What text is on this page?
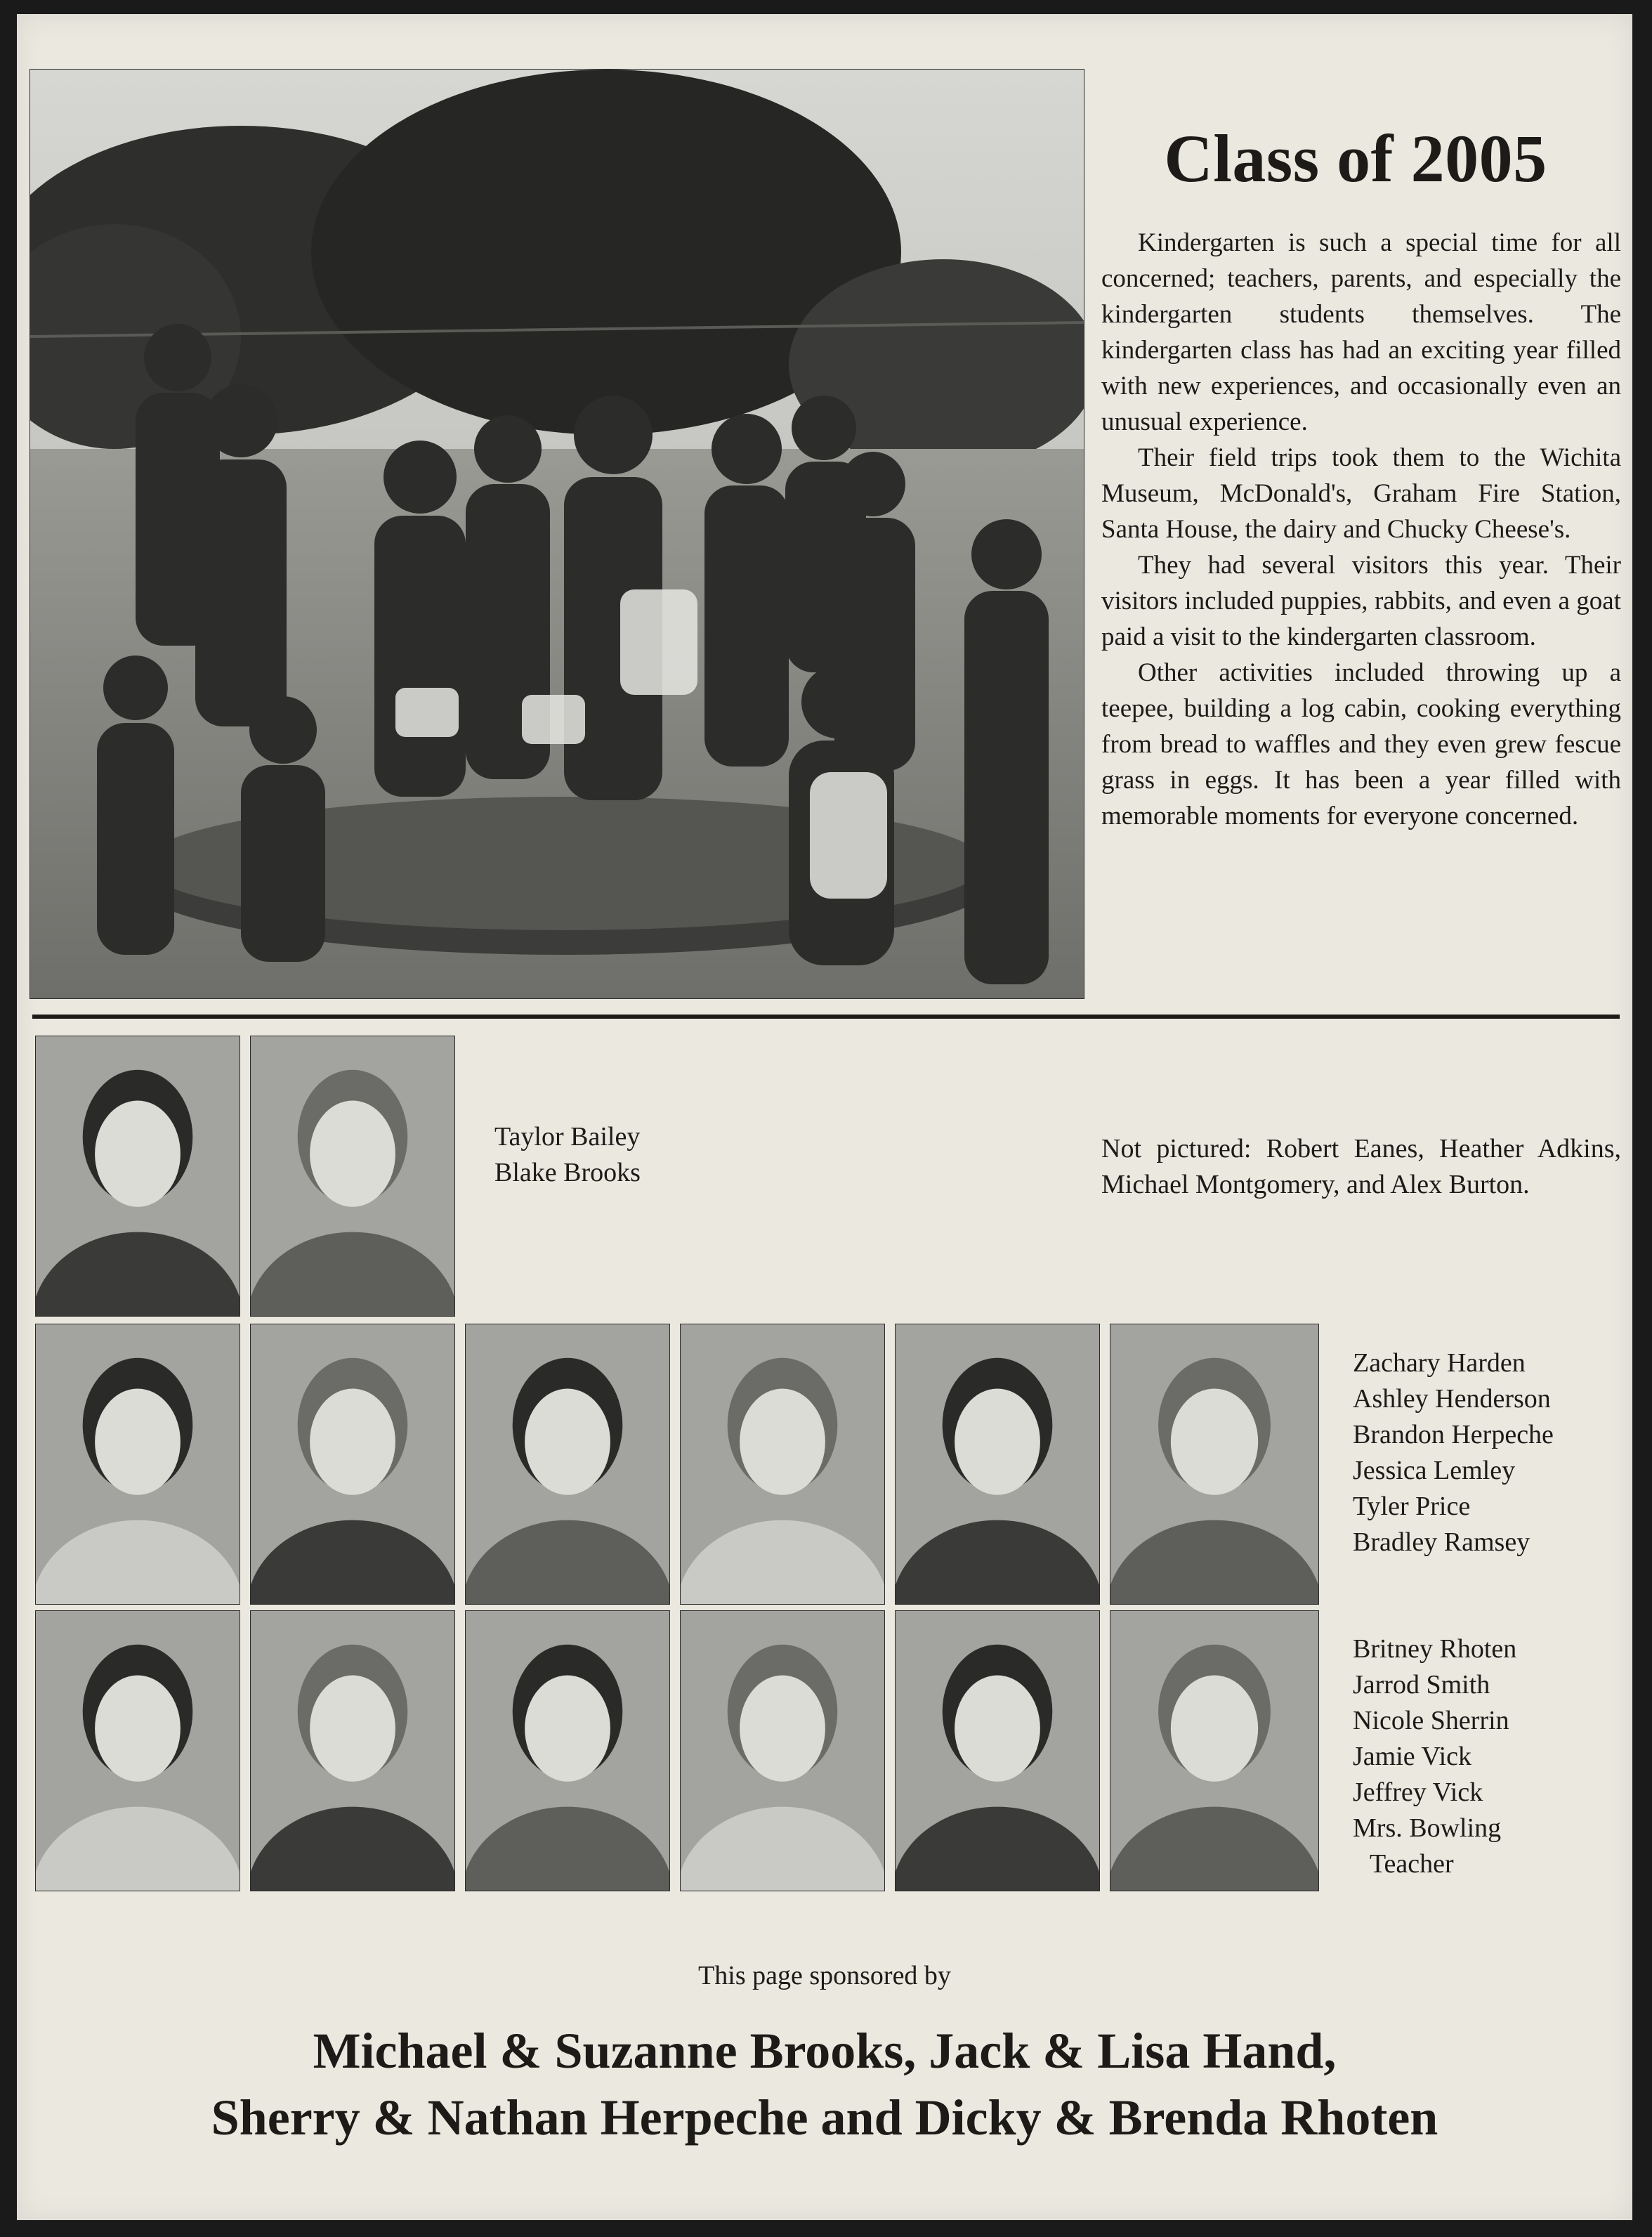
Class of 2005

Kindergarten is such a special time for all concerned; teachers, parents, and especially the kindergarten students themselves. The kindergarten class has had an exciting year filled with new experiences, and occasionally even an unusual experience.

Their field trips took them to the Wichita Museum, McDonald's, Graham Fire Station, Santa House, the dairy and Chucky Cheese's.

They had several visitors this year. Their visitors included puppies, rabbits, and even a goat paid a visit to the kindergarten classroom.

Other activities included throwing up a teepee, building a log cabin, cooking everything from bread to waffles and they even grew fescue grass in eggs. It has been a year filled with memorable moments for everyone concerned.

Taylor Bailey
Blake Brooks

Not pictured: Robert Eanes, Heather Adkins, Michael Montgomery, and Alex Burton.

Zachary Harden
Ashley Henderson
Brandon Herpeche
Jessica Lemley
Tyler Price
Bradley Ramsey
Britney Rhoten
Jarrod Smith
Nicole Sherrin
Jamie Vick
Jeffrey Vick
Mrs. Bowling
Teacher

This page sponsored by

Michael & Suzanne Brooks, Jack & Lisa Hand,
Sherry & Nathan Herpeche and Dicky & Brenda Rhoten
